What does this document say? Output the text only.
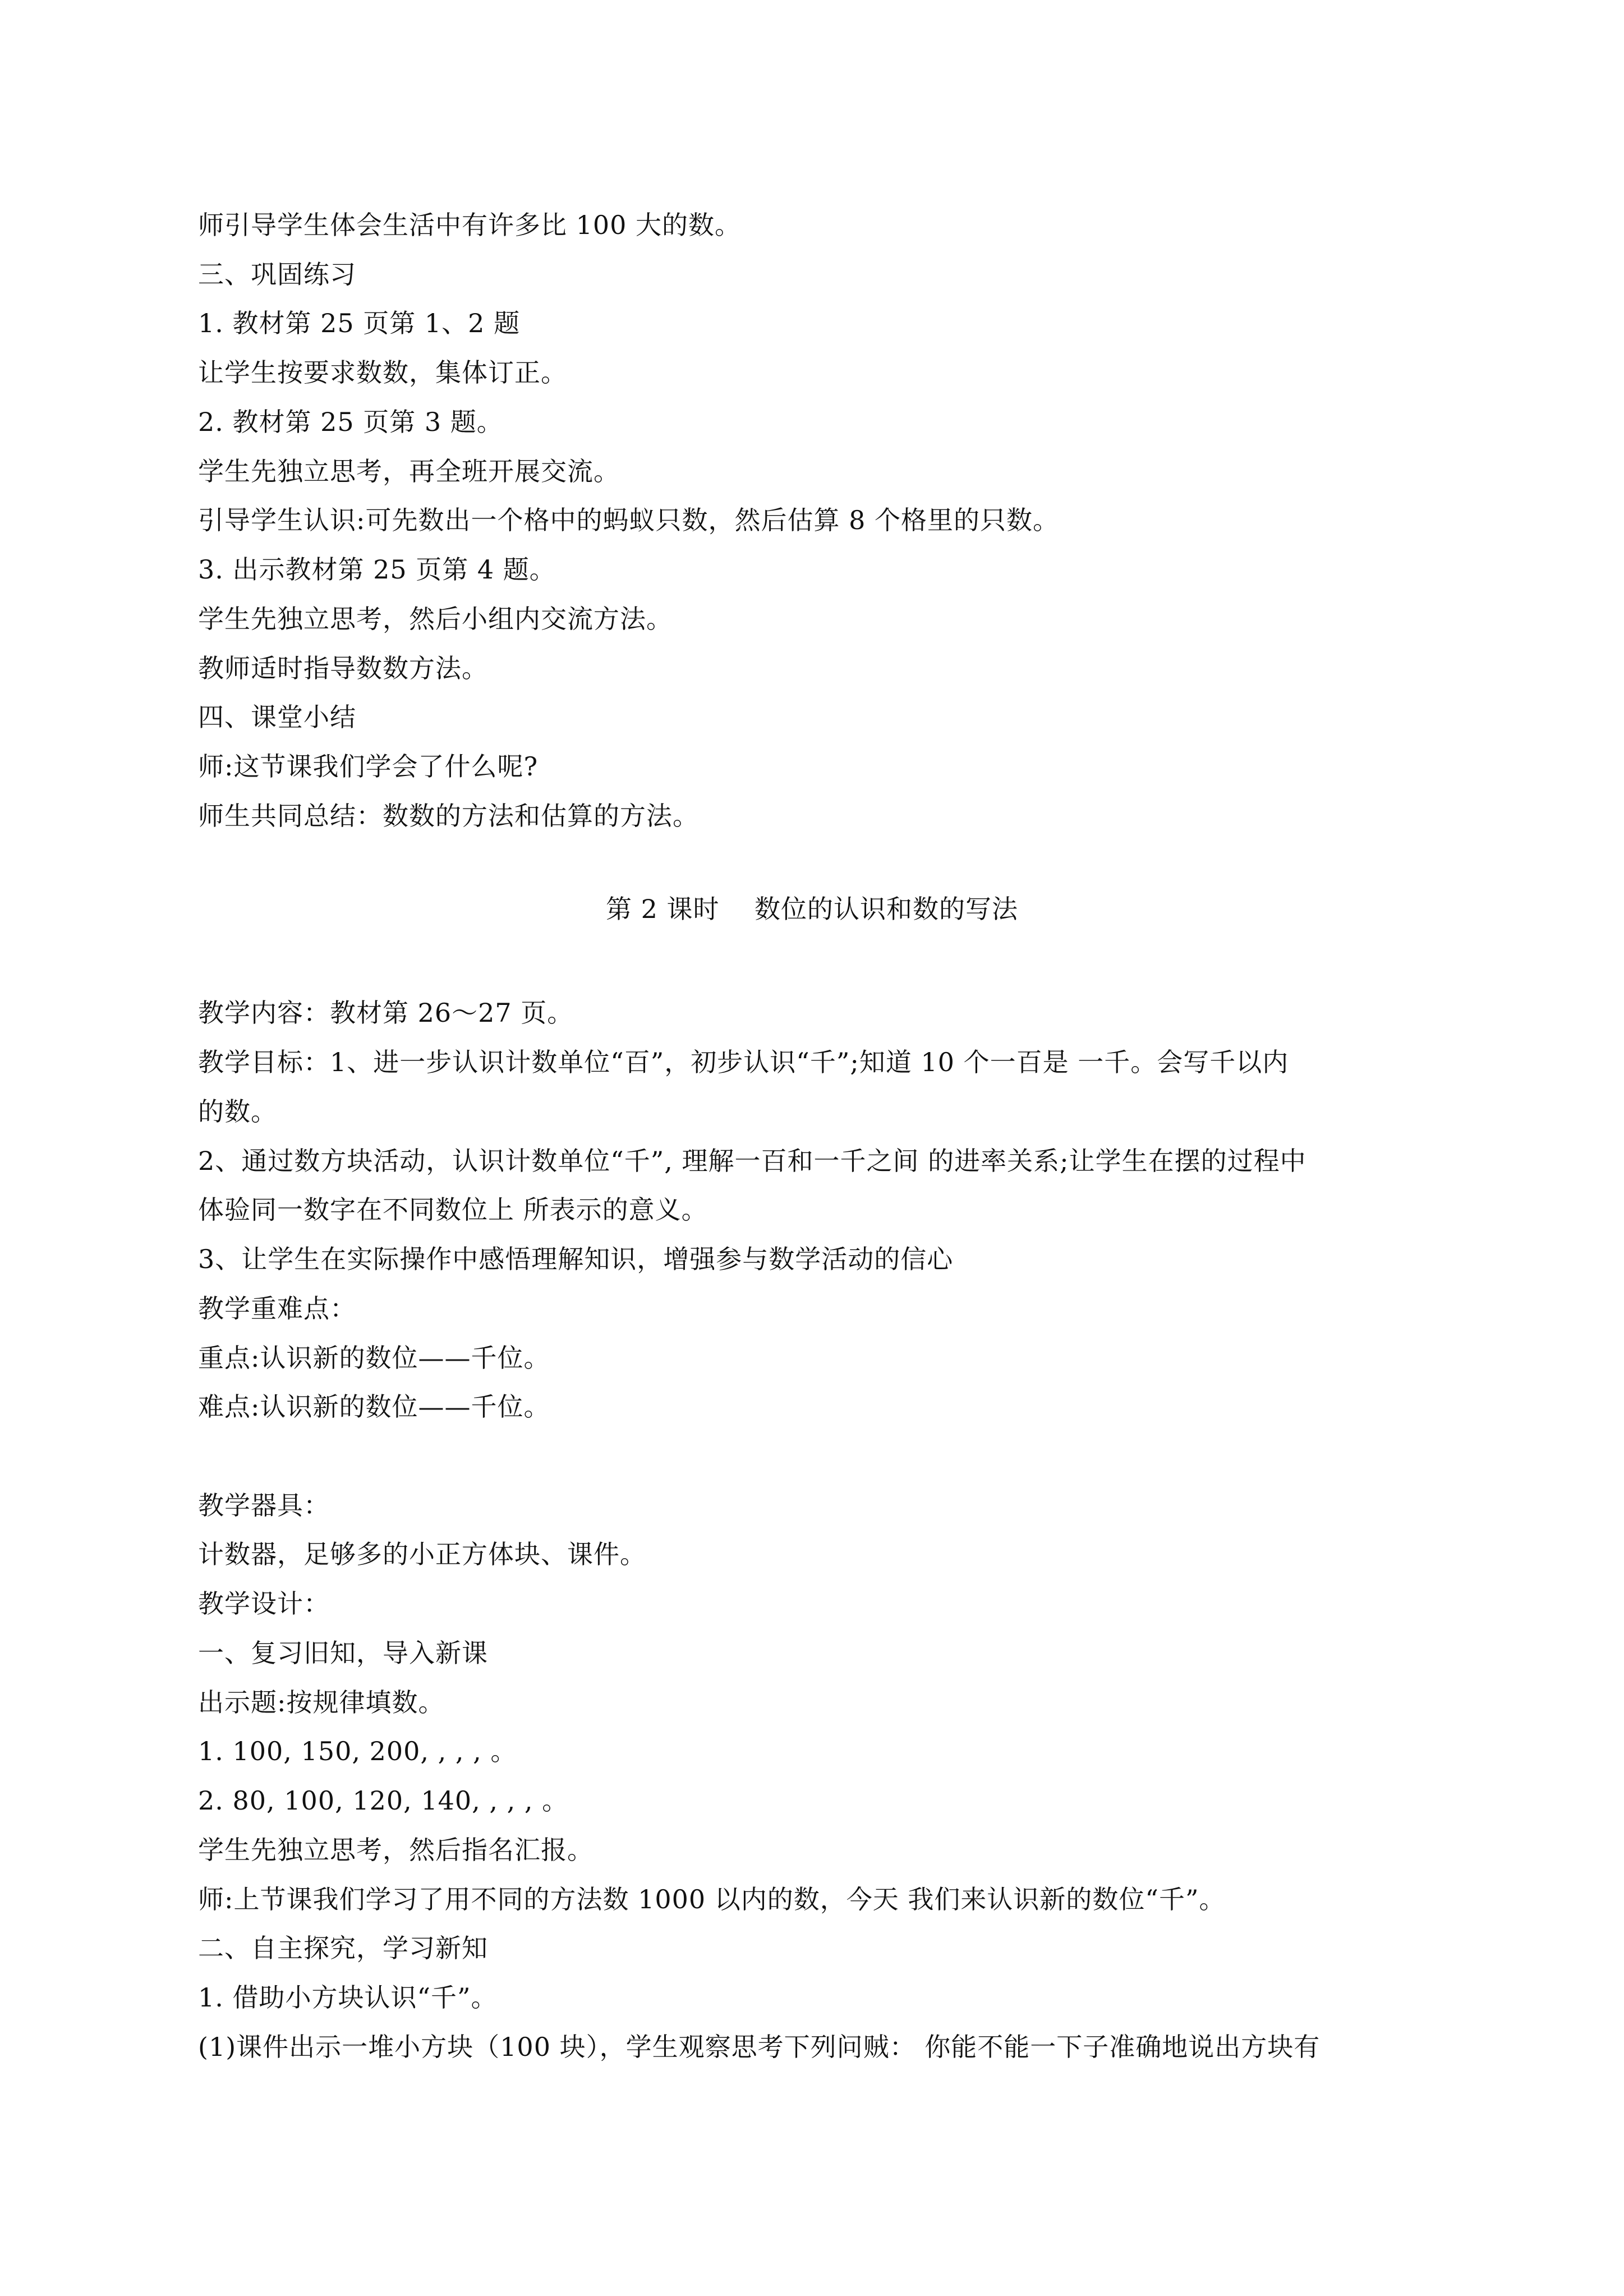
师引导学生体会生活中有许多比 100 大的数。
三、巩固练习
1. 教材第 25 页第 1、2 题
让学生按要求数数，集体订正。
2. 教材第 25 页第 3 题。
学生先独立思考，再全班开展交流。
引导学生认识:可先数出一个格中的蚂蚁只数，然后估算 8 个格里的只数。
3. 出示教材第 25 页第 4 题。
学生先独立思考，然后小组内交流方法。
教师适时指导数数方法。
四、课堂小结
师:这节课我们学会了什么呢?
师生共同总结：数数的方法和估算的方法。
第 2 课时    数位的认识和数的写法
教学内容：教材第 26～27 页。
教学目标：1、进一步认识计数单位“百”，初步认识“千”;知道 10 个一百是 一千。会写千以内
的数。
2、通过数方块活动，认识计数单位“千”, 理解一百和一千之间 的进率关系;让学生在摆的过程中
体验同一数字在不同数位上 所表示的意义。
3、让学生在实际操作中感悟理解知识，增强参与数学活动的信心
教学重难点：
重点:认识新的数位——千位。
难点:认识新的数位——千位。
教学器具：
计数器，足够多的小正方体块、课件。
教学设计：
一、复习旧知，导入新课
出示题:按规律填数。
1. 100, 150, 200, , , , 。
2. 80, 100, 120, 140, , , , 。
学生先独立思考，然后指名汇报。
师:上节课我们学习了用不同的方法数 1000 以内的数，今天 我们来认识新的数位“千”。
二、自主探究，学习新知
1. 借助小方块认识“千”。
(1)课件出示一堆小方块（100 块），学生观察思考下列问贼： 你能不能一下子准确地说出方块有
